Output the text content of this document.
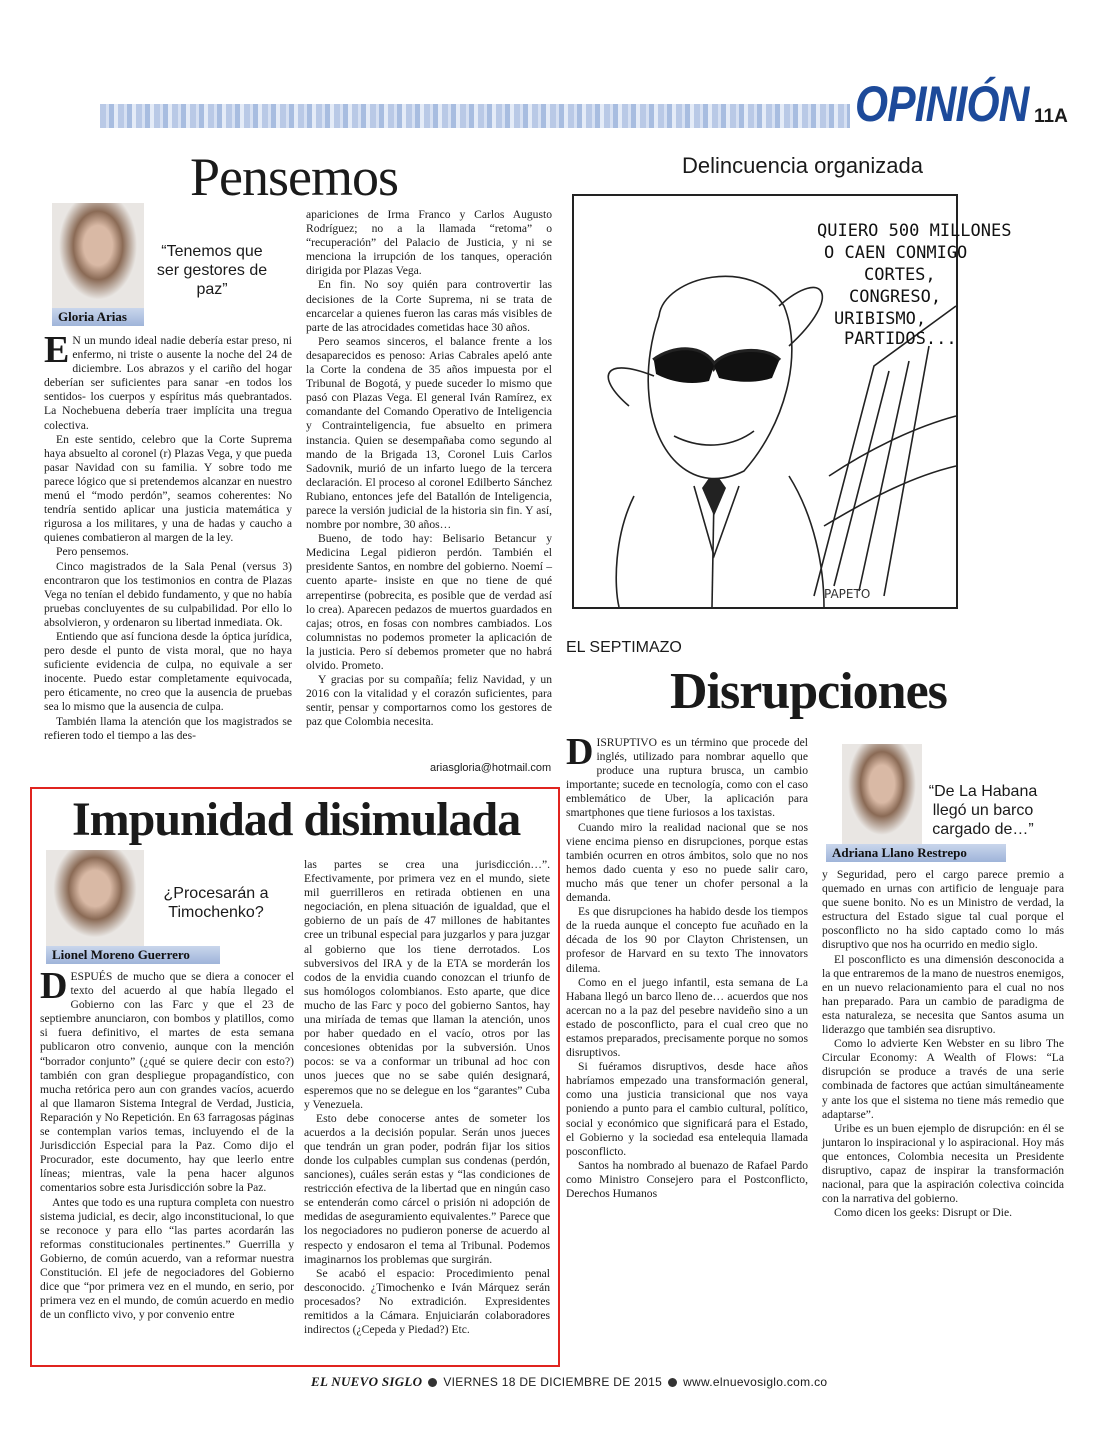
OPINIÓN 11A
Pensemos
“Tenemos que ser gestores de paz”
Gloria Arias
E N un mundo ideal nadie debería estar preso, ni enfermo, ni triste o ausente la noche del 24 de diciembre. Los abrazos y el cariño del hogar deberían ser suficientes para sanar -en todos los sentidos- los cuerpos y espíritus más quebrantados. La Nochebuena debería traer implícita una tregua colectiva.

En este sentido, celebro que la Corte Suprema haya absuelto al coronel (r) Plazas Vega, y que pueda pasar Navidad con su familia. Y sobre todo me parece lógico que si pretendemos alcanzar en nuestro menú el “modo perdón”, seamos coherentes: No tendría sentido aplicar una justicia matemática y rigurosa a los militares, y una de hadas y caucho a quienes combatieron al margen de la ley.

Pero pensemos.

Cinco magistrados de la Sala Penal (versus 3) encontraron que los testimonios en contra de Plazas Vega no tenían el debido fundamento, y que no había pruebas concluyentes de su culpabilidad. Por ello lo absolvieron, y ordenaron su libertad inmediata. Ok.

Entiendo que así funciona desde la óptica jurídica, pero desde el punto de vista moral, que no haya suficiente evidencia de culpa, no equivale a ser inocente. Puedo estar completamente equivocada, pero éticamente, no creo que la ausencia de pruebas sea lo mismo que la ausencia de culpa.

También llama la atención que los magistrados se refieren todo el tiempo a las des-

apariciones de Irma Franco y Carlos Augusto Rodríguez; no a la llamada “retoma” o “recuperación” del Palacio de Justicia, y ni se menciona la irrupción de los tanques, operación dirigida por Plazas Vega.

En fin. No soy quién para controvertir las decisiones de la Corte Suprema, ni se trata de encarcelar a quienes fueron las caras más visibles de parte de las atrocidades cometidas hace 30 años.

Pero seamos sinceros, el balance frente a los desaparecidos es penoso: Arias Cabrales apeló ante la Corte la condena de 35 años impuesta por el Tribunal de Bogotá, y puede suceder lo mismo que pasó con Plazas Vega. El general Iván Ramírez, ex comandante del Comando Operativo de Inteligencia y Contrainteligencia, fue absuelto en primera instancia. Quien se desempañaba como segundo al mando de la Brigada 13, Coronel Luis Carlos Sadovnik, murió de un infarto luego de la tercera declaración. El proceso al coronel Edilberto Sánchez Rubiano, entonces jefe del Batallón de Inteligencia, parece la versión judicial de la historia sin fin. Y así, nombre por nombre, 30 años…

Bueno, de todo hay: Belisario Betancur y Medicina Legal pidieron perdón. También el presidente Santos, en nombre del gobierno. Noemí –cuento aparte- insiste en que no tiene de qué arrepentirse (pobrecita, es posible que de verdad así lo crea). Aparecen pedazos de muertos guardados en cajas; otros, en fosas con nombres cambiados. Los columnistas no podemos prometer la aplicación de la justicia. Pero sí debemos prometer que no habrá olvido. Prometo.

Y gracias por su compañía; feliz Navidad, y un 2016 con la vitalidad y el corazón suficientes, para sentir, pensar y comportarnos como los gestores de paz que Colombia necesita.

ariasgloria@hotmail.com
Delincuencia organizada
QUIERO 500 MILLONES
O CAEN CONMIGO
CORTES,
CONGRESO,
URIBISMO,
PARTIDOS...
PAPETO
EL SEPTIMAZO
Disrupciones
“De La Habana llegó un barco cargado de…”
Adriana Llano Restrepo
D ISRUPTIVO es un término que procede del inglés, utilizado para nombrar aquello que produce una ruptura brusca, un cambio importante; sucede en tecnología, como con el caso emblemático de Uber, la aplicación para smartphones que tiene furiosos a los taxistas.

Cuando miro la realidad nacional que se nos viene encima pienso en disrupciones, porque estas también ocurren en otros ámbitos, solo que no nos hemos dado cuenta y eso no puede salir caro, mucho más que tener un chofer personal a la demanda.

Es que disrupciones ha habido desde los tiempos de la rueda aunque el concepto fue acuñado en la década de los 90 por Clayton Christensen, un profesor de Harvard en su texto The innovators dilema.

Como en el juego infantil, esta semana de La Habana llegó un barco lleno de… acuerdos que nos acercan no a la paz del pesebre navideño sino a un estado de posconflicto, para el cual creo que no estamos preparados, precisamente porque no somos disruptivos.

Si fuéramos disruptivos, desde hace años habríamos empezado una transformación general, como una justicia transicional que nos vaya poniendo a punto para el cambio cultural, político, social y económico que significará para el Estado, el Gobierno y la sociedad esa entelequia llamada posconflicto.

Santos ha nombrado al buenazo de Rafael Pardo como Ministro Consejero para el Postconflicto, Derechos Humanos

y Seguridad, pero el cargo parece premio a quemado en urnas con artificio de lenguaje para que suene bonito. No es un Ministro de verdad, la estructura del Estado sigue tal cual porque el posconflicto no ha sido captado como lo más disruptivo que nos ha ocurrido en medio siglo.

El posconflicto es una dimensión desconocida a la que entraremos de la mano de nuestros enemigos, en un nuevo relacionamiento para el cual no nos han preparado. Para un cambio de paradigma de esta naturaleza, se necesita que Santos asuma un liderazgo que también sea disruptivo.

Como lo advierte Ken Webster en su libro The Circular Economy: A Wealth of Flows: “La disrupción se produce a través de una serie combinada de factores que actúan simultáneamente y ante los que el sistema no tiene más remedio que adaptarse”.

Uribe es un buen ejemplo de disrupción: en él se juntaron lo inspiracional y lo aspiracional. Hoy más que entonces, Colombia necesita un Presidente disruptivo, capaz de inspirar la transformación nacional, para que la aspiración colectiva coincida con la narrativa del gobierno.

Como dicen los geeks: Disrupt or Die.

Impunidad disimulada
¿Procesarán a Timochenko?
Lionel Moreno Guerrero
D ESPUÉS de mucho que se diera a conocer el texto del acuerdo al que había llegado el Gobierno con las Farc y que el 23 de septiembre anunciaron, con bombos y platillos, como si fuera definitivo, el martes de esta semana publicaron otro convenio, aunque con la mención “borrador conjunto” (¿qué se quiere decir con esto?) también con gran despliegue propagandístico, con mucha retórica pero aun con grandes vacíos, acuerdo al que llamaron Sistema Integral de Verdad, Justicia, Reparación y No Repetición. En 63 farragosas páginas se contemplan varios temas, incluyendo el de la Jurisdicción Especial para la Paz. Como dijo el Procurador, este documento, hay que leerlo entre líneas; mientras, vale la pena hacer algunos comentarios sobre esta Jurisdicción sobre la Paz.

Antes que todo es una ruptura completa con nuestro sistema judicial, es decir, algo inconstitucional, lo que se reconoce y para ello “las partes acordarán las reformas constitucionales pertinentes.” Guerrilla y Gobierno, de común acuerdo, van a reformar nuestra Constitución. El jefe de negociadores del Gobierno dice que “por primera vez en el mundo, en serio, por primera vez en el mundo, de común acuerdo en medio de un conflicto vivo, y por convenio entre

las partes se crea una jurisdicción…”. Efectivamente, por primera vez en el mundo, siete mil guerrilleros en retirada obtienen en una negociación, en plena situación de igualdad, que el gobierno de un país de 47 millones de habitantes cree un tribunal especial para juzgarlos y para juzgar al gobierno que los tiene derrotados. Los subversivos del IRA y de la ETA se morderán los codos de la envidia cuando conozcan el triunfo de sus homólogos colombianos. Esto aparte, que dice mucho de las Farc y poco del gobierno Santos, hay una miríada de temas que llaman la atención, unos por haber quedado en el vacío, otros por las concesiones obtenidas por la subversión. Unos pocos: se va a conformar un tribunal ad hoc con unos jueces que no se sabe quién designará, esperemos que no se delegue en los “garantes” Cuba y Venezuela.

Esto debe conocerse antes de someter los acuerdos a la decisión popular. Serán unos jueces que tendrán un gran poder, podrán fijar los sitios donde los culpables cumplan sus condenas (perdón, sanciones), cuáles serán estas y “las condiciones de restricción efectiva de la libertad que en ningún caso se entenderán como cárcel o prisión ni adopción de medidas de aseguramiento equivalentes.” Parece que los negociadores no pudieron ponerse de acuerdo al respecto y endosaron el tema al Tribunal. Podemos imaginarnos los problemas que surgirán.

Se acabó el espacio: Procedimiento penal desconocido. ¿Timochenko e Iván Márquez serán procesados? No extradición. Expresidentes remitidos a la Cámara. Enjuiciarán colaboradores indirectos (¿Cepeda y Piedad?) Etc.

EL NUEVO SIGLO VIERNES 18 DE DICIEMBRE DE 2015 www.elnuevosiglo.com.co
